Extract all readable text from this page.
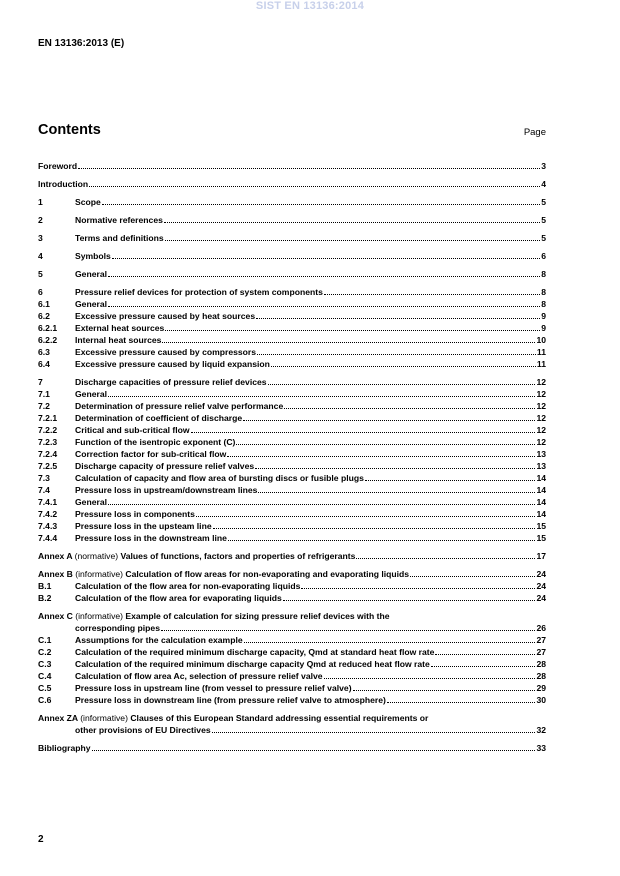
SIST EN 13136:2014
EN 13136:2013 (E)
Contents	Page
Foreword	3
Introduction	4
1	Scope	5
2	Normative references	5
3	Terms and definitions	5
4	Symbols	6
5	General	8
6	Pressure relief devices for protection of system components	8
6.1	General	8
6.2	Excessive pressure caused by heat sources	9
6.2.1	External heat sources	9
6.2.2	Internal heat sources	10
6.3	Excessive pressure caused by compressors	11
6.4	Excessive pressure caused by liquid expansion	11
7	Discharge capacities of pressure relief devices	12
7.1	General	12
7.2	Determination of pressure relief valve performance	12
7.2.1	Determination of coefficient of discharge	12
7.2.2	Critical and sub-critical flow	12
7.2.3	Function of the isentropic exponent (C)	12
7.2.4	Correction factor for sub-critical flow	13
7.2.5	Discharge capacity of pressure relief valves	13
7.3	Calculation of capacity and flow area of bursting discs or fusible plugs	14
7.4	Pressure loss in upstream/downstream lines	14
7.4.1	General	14
7.4.2	Pressure loss in components	14
7.4.3	Pressure loss in the upsteam line	15
7.4.4	Pressure loss in the downstream line	15
Annex A (normative) Values of functions, factors and properties of refrigerants	17
Annex B (informative) Calculation of flow areas for non-evaporating and evaporating liquids	24
B.1	Calculation of the flow area for non-evaporating liquids	24
B.2	Calculation of the flow area for evaporating liquids	24
Annex C (informative) Example of calculation for sizing pressure relief devices with the
corresponding pipes	26
C.1	Assumptions for the calculation example	27
C.2	Calculation of the required minimum discharge capacity, Qmd at standard heat flow rate	27
C.3	Calculation of the required minimum discharge capacity Qmd at reduced heat flow rate	28
C.4	Calculation of flow area Ac, selection of pressure relief valve	28
C.5	Pressure loss in upstream line (from vessel to pressure relief valve)	29
C.6	Pressure loss in downstream line (from pressure relief valve to atmosphere)	30
Annex ZA (informative) Clauses of this European Standard addressing essential requirements or
other provisions of EU Directives	32
Bibliography	33
2
